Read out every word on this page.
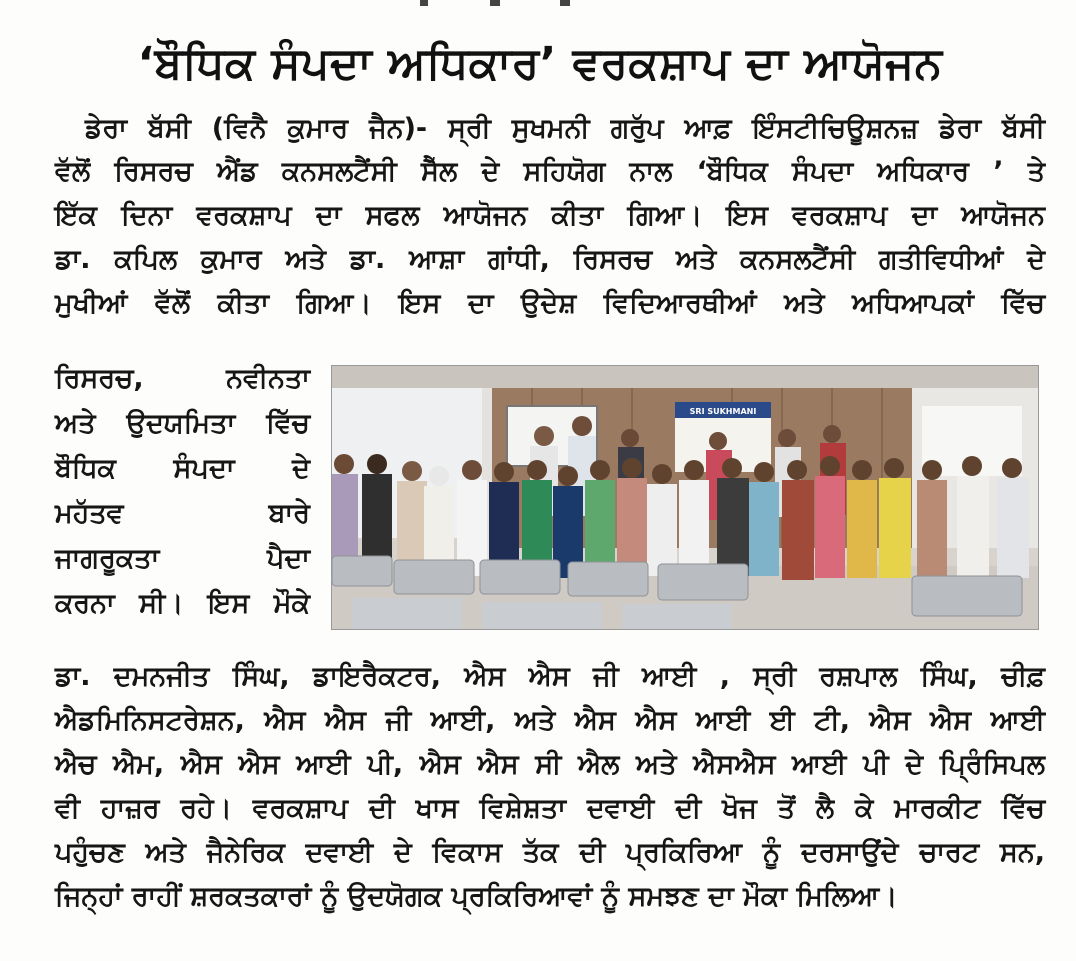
‘ਬੌਧਿਕ ਸੰਪਦਾ ਅਧਿਕਾਰ’ ਵਰਕਸ਼ਾਪ ਦਾ ਆਯੋਜਨ
ਡੇਰਾ ਬੱਸੀ (ਵਿਨੈ ਕੁਮਾਰ ਜੈਨ)- ਸ੍ਰੀ ਸੁਖਮਨੀ ਗਰੁੱਪ ਆਫ਼ ਇੰਸਟੀਚਿਊਸ਼ਨਜ਼ ਡੇਰਾ ਬੱਸੀ
ਵੱਲੋਂ ਰਿਸਰਚ ਐਂਡ ਕਨਸਲਟੈਂਸੀ ਸੈੱਲ ਦੇ ਸਹਿਯੋਗ ਨਾਲ ‘ਬੌਧਿਕ ਸੰਪਦਾ ਅਧਿਕਾਰ ’ ਤੇ
ਇੱਕ ਦਿਨਾ ਵਰਕਸ਼ਾਪ ਦਾ ਸਫਲ ਆਯੋਜਨ ਕੀਤਾ ਗਿਆ। ਇਸ ਵਰਕਸ਼ਾਪ ਦਾ ਆਯੋਜਨ
ਡਾ. ਕਪਿਲ ਕੁਮਾਰ ਅਤੇ ਡਾ. ਆਸ਼ਾ ਗਾਂਧੀ, ਰਿਸਰਚ ਅਤੇ ਕਨਸਲਟੈਂਸੀ ਗਤੀਵਿਧੀਆਂ ਦੇ
ਮੁਖੀਆਂ ਵੱਲੋਂ ਕੀਤਾ ਗਿਆ। ਇਸ ਦਾ ਉਦੇਸ਼ ਵਿਦਿਆਰਥੀਆਂ ਅਤੇ ਅਧਿਆਪਕਾਂ ਵਿੱਚ
ਰਿਸਰਚ, ਨਵੀਨਤਾ
ਅਤੇ ਉਦਯਮਿਤਾ ਵਿੱਚ
ਬੌਧਿਕ ਸੰਪਦਾ ਦੇ
ਮਹੱਤਵ ਬਾਰੇ
ਜਾਗਰੂਕਤਾ ਪੈਦਾ
ਕਰਨਾ ਸੀ। ਇਸ ਮੌਕੇ
SRI SUKHMANI
ਡਾ. ਦਮਨਜੀਤ ਸਿੰਘ, ਡਾਇਰੈਕਟਰ, ਐਸ ਐਸ ਜੀ ਆਈ , ਸ੍ਰੀ ਰਸ਼ਪਾਲ ਸਿੰਘ, ਚੀਫ਼
ਐਡਮਿਨਿਸਟਰੇਸ਼ਨ, ਐਸ ਐਸ ਜੀ ਆਈ, ਅਤੇ ਐਸ ਐਸ ਆਈ ਈ ਟੀ, ਐਸ ਐਸ ਆਈ
ਐਚ ਐਮ, ਐਸ ਐਸ ਆਈ ਪੀ, ਐਸ ਐਸ ਸੀ ਐਲ ਅਤੇ ਐਸਐਸ ਆਈ ਪੀ ਦੇ ਪ੍ਰਿੰਸਿਪਲ
ਵੀ ਹਾਜ਼ਰ ਰਹੇ। ਵਰਕਸ਼ਾਪ ਦੀ ਖਾਸ ਵਿਸ਼ੇਸ਼ਤਾ ਦਵਾਈ ਦੀ ਖੋਜ ਤੋਂ ਲੈ ਕੇ ਮਾਰਕੀਟ ਵਿੱਚ
ਪਹੁੰਚਣ ਅਤੇ ਜੈਨੇਰਿਕ ਦਵਾਈ ਦੇ ਵਿਕਾਸ ਤੱਕ ਦੀ ਪ੍ਰਕਿਰਿਆ ਨੂੰ ਦਰਸਾਉਂਦੇ ਚਾਰਟ ਸਨ,
ਜਿਨ੍ਹਾਂ ਰਾਹੀਂ ਸ਼ਰਕਤਕਾਰਾਂ ਨੂੰ ਉਦਯੋਗਕ ਪ੍ਰਕਿਰਿਆਵਾਂ ਨੂੰ ਸਮਝਣ ਦਾ ਮੌਕਾ ਮਿਲਿਆ।
